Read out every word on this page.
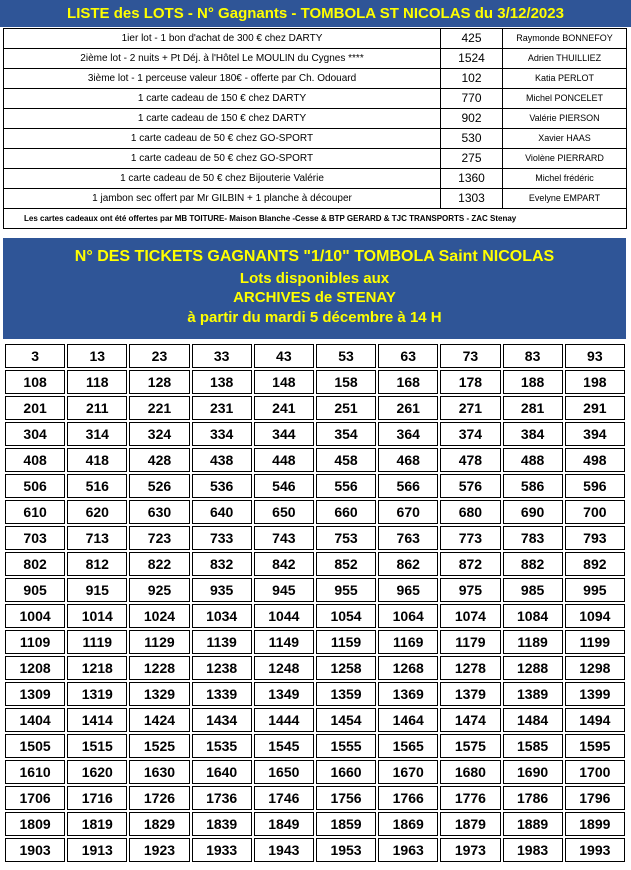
LISTE des LOTS - N° Gagnants - TOMBOLA ST NICOLAS du 3/12/2023
1ier lot - 1 bon d'achat de 300 € chez DARTY	425	Raymonde BONNEFOY
2ième lot - 2 nuits + Pt Déj. à l'Hôtel Le MOULIN du Cygnes ****	1524	Adrien THUILLIEZ
3ième lot - 1 perceuse valeur 180€ - offerte par Ch. Odouard	102	Katia PERLOT
1 carte cadeau de 150 € chez DARTY	770	Michel PONCELET
1 carte cadeau de 150 € chez DARTY	902	Valérie PIERSON
1 carte cadeau de 50 € chez GO-SPORT	530	Xavier HAAS
1 carte cadeau de 50 € chez GO-SPORT	275	Violène PIERRARD
1 carte cadeau de 50 € chez Bijouterie Valérie	1360	Michel frédéric
1 jambon sec offert par Mr GILBIN + 1 planche à découper	1303	Evelyne EMPART
Les cartes cadeaux ont été offertes par MB TOITURE- Maison Blanche -Cesse & BTP GERARD & TJC TRANSPORTS - ZAC Stenay		
N° DES TICKETS GAGNANTS "1/10" TOMBOLA Saint NICOLAS
Lots disponibles aux
ARCHIVES de STENAY
à partir du mardi 5 décembre à 14 H
3	13	23	33	43	53	63	73	83	93
108	118	128	138	148	158	168	178	188	198
201	211	221	231	241	251	261	271	281	291
304	314	324	334	344	354	364	374	384	394
408	418	428	438	448	458	468	478	488	498
506	516	526	536	546	556	566	576	586	596
610	620	630	640	650	660	670	680	690	700
703	713	723	733	743	753	763	773	783	793
802	812	822	832	842	852	862	872	882	892
905	915	925	935	945	955	965	975	985	995
1004	1014	1024	1034	1044	1054	1064	1074	1084	1094
1109	1119	1129	1139	1149	1159	1169	1179	1189	1199
1208	1218	1228	1238	1248	1258	1268	1278	1288	1298
1309	1319	1329	1339	1349	1359	1369	1379	1389	1399
1404	1414	1424	1434	1444	1454	1464	1474	1484	1494
1505	1515	1525	1535	1545	1555	1565	1575	1585	1595
1610	1620	1630	1640	1650	1660	1670	1680	1690	1700
1706	1716	1726	1736	1746	1756	1766	1776	1786	1796
1809	1819	1829	1839	1849	1859	1869	1879	1889	1899
1903	1913	1923	1933	1943	1953	1963	1973	1983	1993
